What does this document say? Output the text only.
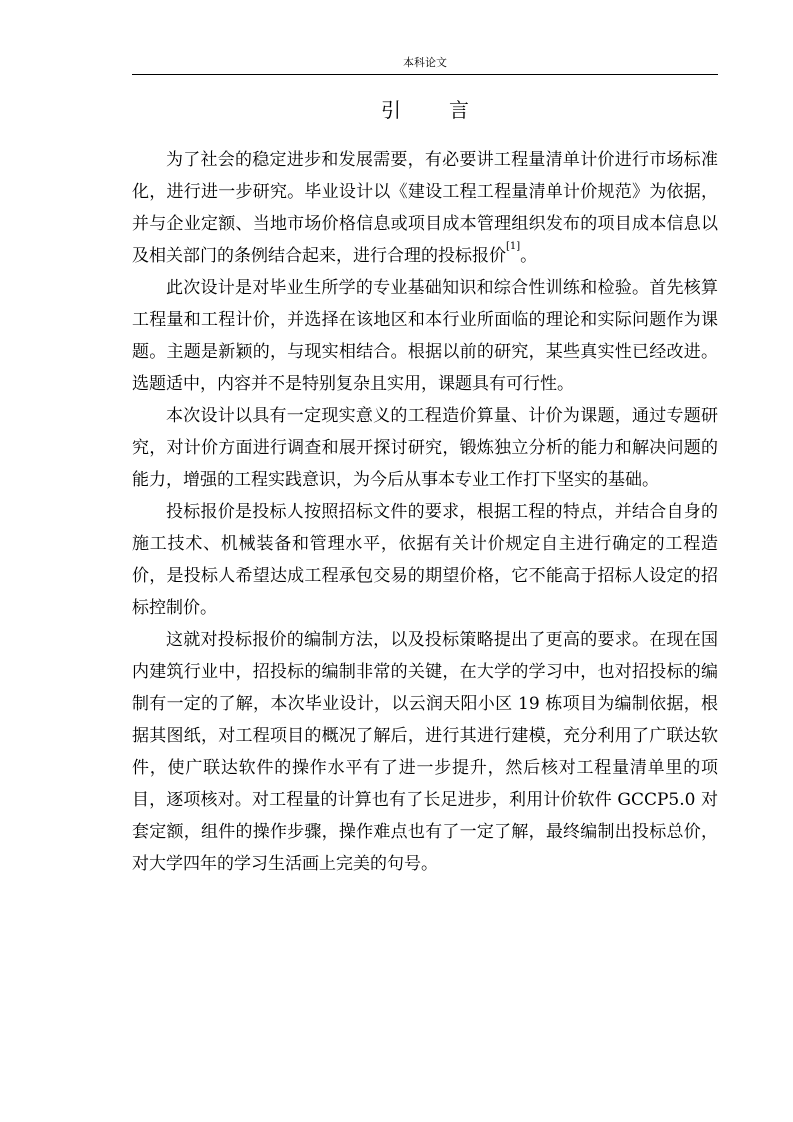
本科论文
引言

为了社会的稳定进步和发展需要，有必要讲工程量清单计价进行市场标准化，进行进一步研究。毕业设计以《建设工程工程量清单计价规范》为依据，并与企业定额、当地市场价格信息或项目成本管理组织发布的项目成本信息以及相关部门的条例结合起来，进行合理的投标报价[1]。

此次设计是对毕业生所学的专业基础知识和综合性训练和检验。首先核算工程量和工程计价，并选择在该地区和本行业所面临的理论和实际问题作为课题。主题是新颖的，与现实相结合。根据以前的研究，某些真实性已经改进。选题适中，内容并不是特别复杂且实用，课题具有可行性。

本次设计以具有一定现实意义的工程造价算量、计价为课题，通过专题研究，对计价方面进行调查和展开探讨研究，锻炼独立分析的能力和解决问题的能力，增强的工程实践意识，为今后从事本专业工作打下坚实的基础。

投标报价是投标人按照招标文件的要求，根据工程的特点，并结合自身的施工技术、机械装备和管理水平，依据有关计价规定自主进行确定的工程造价，是投标人希望达成工程承包交易的期望价格，它不能高于招标人设定的招标控制价。

这就对投标报价的编制方法，以及投标策略提出了更高的要求。在现在国内建筑行业中，招投标的编制非常的关键，在大学的学习中，也对招投标的编制有一定的了解，本次毕业设计，以云润天阳小区 19 栋项目为编制依据，根据其图纸，对工程项目的概况了解后，进行其进行建模，充分利用了广联达软件，使广联达软件的操作水平有了进一步提升，然后核对工程量清单里的项目，逐项核对。对工程量的计算也有了长足进步，利用计价软件 GCCP5.0 对套定额，组件的操作步骤，操作难点也有了一定了解，最终编制出投标总价，对大学四年的学习生活画上完美的句号。
